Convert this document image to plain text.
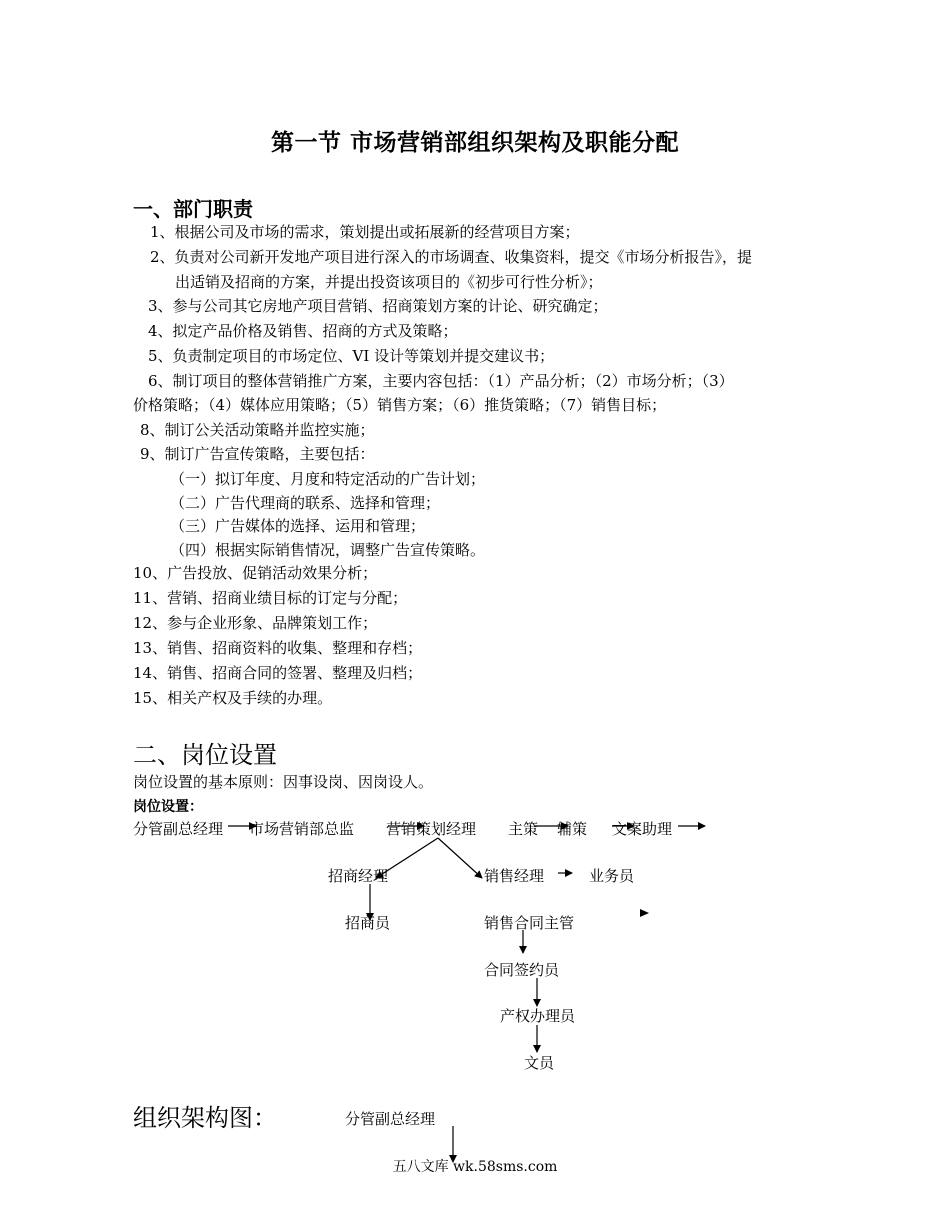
第一节 市场营销部组织架构及职能分配
一、部门职责
1、根据公司及市场的需求，策划提出或拓展新的经营项目方案；
2、负责对公司新开发地产项目进行深入的市场调查、收集资料，提交《市场分析报告》，提
出适销及招商的方案，并提出投资该项目的《初步可行性分析》；
3、参与公司其它房地产项目营销、招商策划方案的计论、研究确定；
4、拟定产品价格及销售、招商的方式及策略；
5、负责制定项目的市场定位、VI 设计等策划并提交建议书；
6、制订项目的整体营销推广方案，主要内容包括：（1）产品分析；（2）市场分析；（3）
价格策略；（4）媒体应用策略；（5）销售方案；（6）推货策略；（7）销售目标；
8、制订公关活动策略并监控实施；
9、制订广告宣传策略，主要包括：
（一）拟订年度、月度和特定活动的广告计划；
（二）广告代理商的联系、选择和管理；
（三）广告媒体的选择、运用和管理；
（四）根据实际销售情况，调整广告宣传策略。
10、广告投放、促销活动效果分析；
11、营销、招商业绩目标的订定与分配；
12、参与企业形象、品牌策划工作；
13、销售、招商资料的收集、整理和存档；
14、销售、招商合同的签署、整理及归档；
15、相关产权及手续的办理。
二、岗位设置
岗位设置的基本原则：因事设岗、因岗设人。
岗位设置：
分管副总经理 市场营销部总监 营销策划经理 主策 辅策 文案助理
招商经理	销售经理	业务员
招商员	销售合同主管
合同签约员
产权办理员
文员
组织架构图：	分管副总经理
五八文库 wk.58sms.com
